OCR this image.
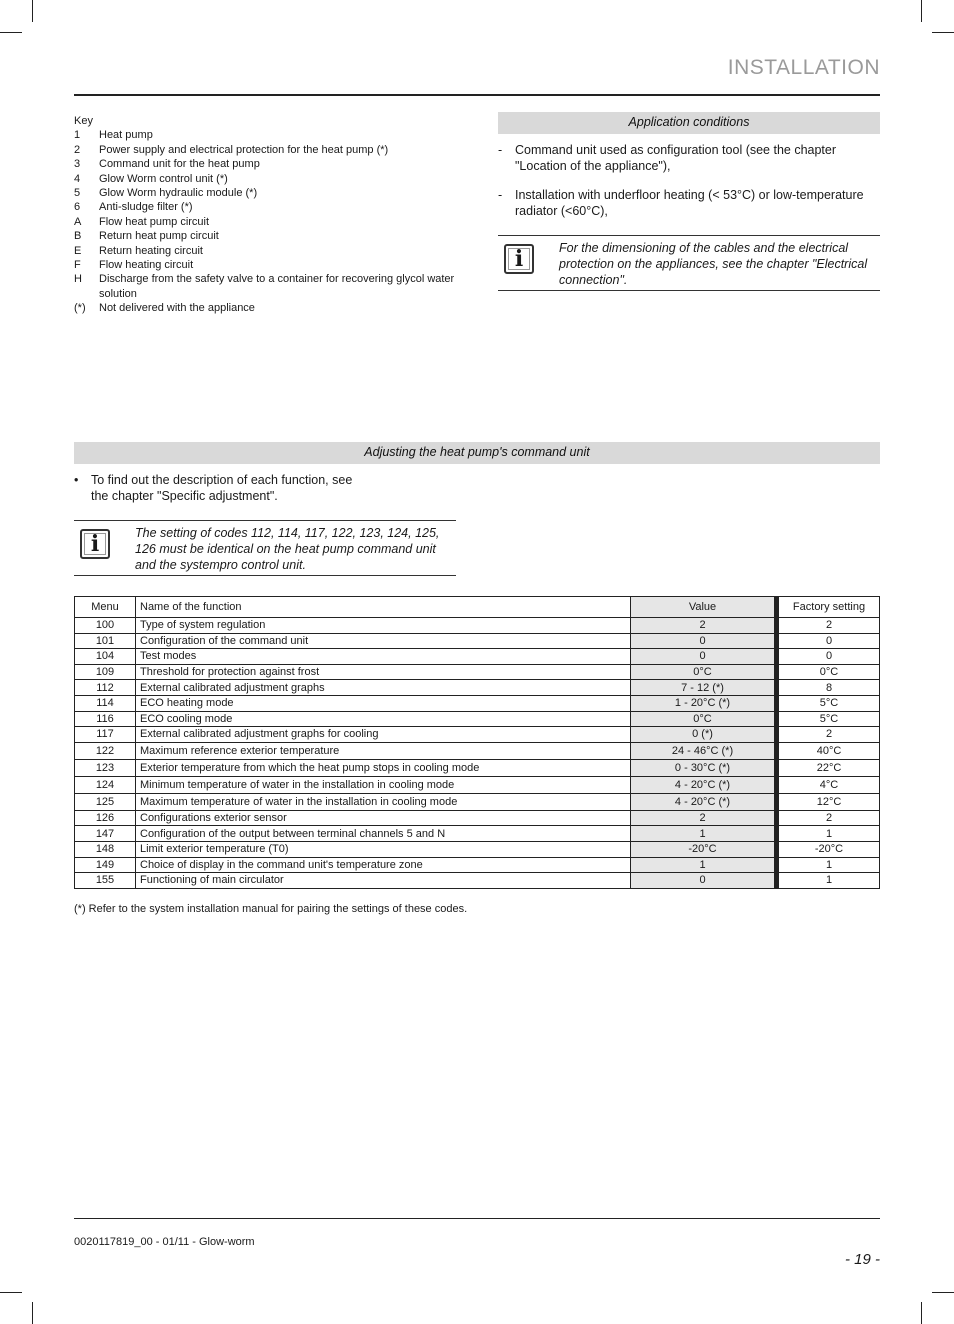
INSTALLATION
Key
1	Heat pump
2	Power supply and electrical protection for the heat pump (*)
3	Command unit for the heat pump
4	Glow Worm control unit (*)
5	Glow Worm hydraulic module (*)
6	Anti-sludge filter (*)
A	Flow heat pump circuit
B	Return heat pump circuit
E	Return heating circuit
F	Flow heating circuit
H	Discharge from the safety valve to a container for recovering glycol water solution
(*)	Not delivered with the appliance
Application conditions
-	Command unit used as configuration tool (see the chapter "Location of the appliance"),
-	Installation with underfloor heating (< 53°C) or low-temperature radiator (<60°C),
i	For the dimensioning of the cables and the electrical protection on the appliances, see the chapter "Electrical connection".
Adjusting the heat pump's command unit
•	To find out the description of each function, see the chapter "Specific adjustment".
i	The setting of codes 112, 114, 117, 122, 123, 124, 125, 126 must be identical on the heat pump command unit and the systempro control unit.
Menu	Name of the function	Value	Factory setting
100	Type of system regulation	2	2
101	Configuration of the command unit	0	0
104	Test modes	0	0
109	Threshold for protection against frost	0°C	0°C
112	External calibrated adjustment graphs	7 - 12 (*)	8
114	ECO heating mode	1 - 20°C (*)	5°C
116	ECO cooling mode	0°C	5°C
117	External calibrated adjustment graphs for cooling	0 (*)	2
122	Maximum reference exterior temperature	24 - 46°C (*)	40°C
123	Exterior temperature from which the heat pump stops in cooling mode	0 - 30°C (*)	22°C
124	Minimum temperature of water in the installation in cooling mode	4 - 20°C (*)	4°C
125	Maximum temperature of water in the installation in cooling mode	4 - 20°C (*)	12°C
126	Configurations exterior sensor	2	2
147	Configuration of the output between terminal channels 5 and N	1	1
148	Limit exterior temperature (T0)	-20°C	-20°C
149	Choice of display in the command unit's temperature zone	1	1
155	Functioning of main circulator	0	1
(*) Refer to the system installation manual for pairing the settings of these codes.
0020117819_00 - 01/11 - Glow-worm
- 19 -
